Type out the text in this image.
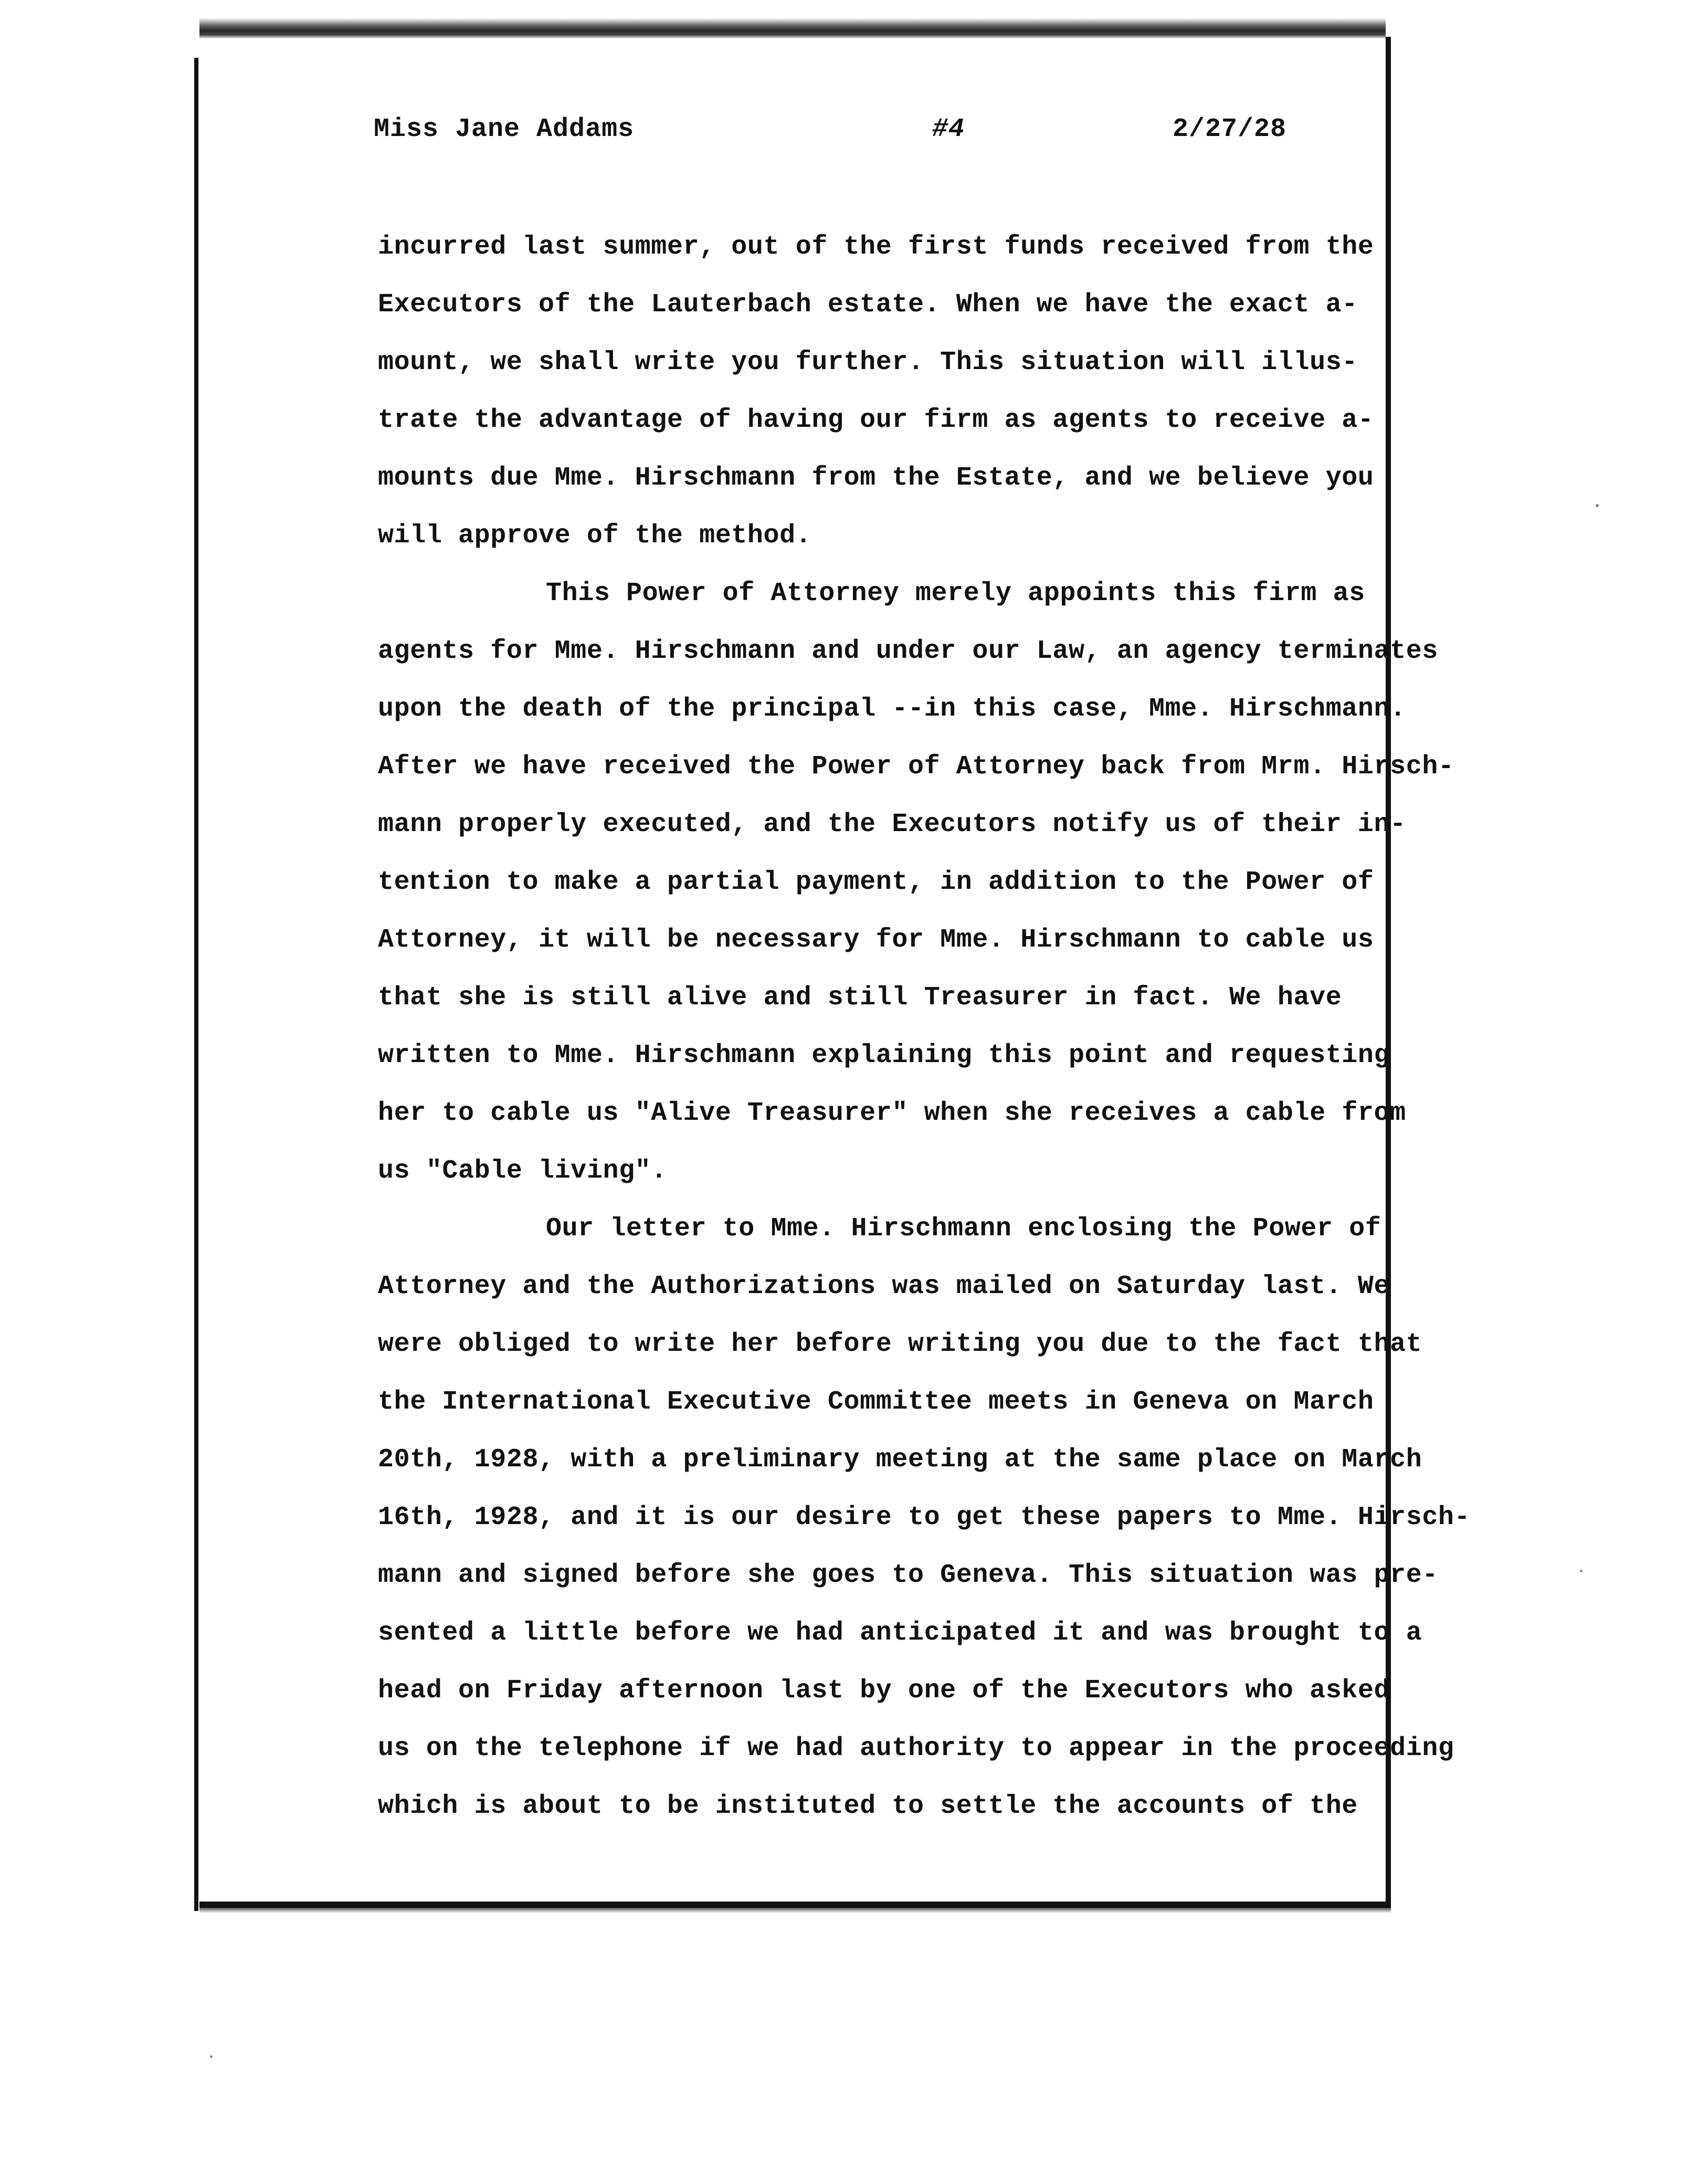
Miss Jane Addams	#4	2/27/28
incurred last summer, out of the first funds received from the
Executors of the Lauterbach estate. When we have the exact a-
mount, we shall write you further. This situation will illus-
trate the advantage of having our firm as agents to receive a-
mounts due Mme. Hirschmann from the Estate, and we believe you
will approve of the method.
This Power of Attorney merely appoints this firm as
agents for Mme. Hirschmann and under our Law, an agency terminates
upon the death of the principal --in this case, Mme. Hirschmann.
After we have received the Power of Attorney back from Mrm. Hirsch-
mann properly executed, and the Executors notify us of their in-
tention to make a partial payment, in addition to the Power of
Attorney, it will be necessary for Mme. Hirschmann to cable us
that she is still alive and still Treasurer in fact. We have
written to Mme. Hirschmann explaining this point and requesting
her to cable us "Alive Treasurer" when she receives a cable from
us "Cable living".
Our letter to Mme. Hirschmann enclosing the Power of
Attorney and the Authorizations was mailed on Saturday last. We
were obliged to write her before writing you due to the fact that
the International Executive Committee meets in Geneva on March
20th, 1928, with a preliminary meeting at the same place on March
16th, 1928, and it is our desire to get these papers to Mme. Hirsch-
mann and signed before she goes to Geneva. This situation was pre-
sented a little before we had anticipated it and was brought to a
head on Friday afternoon last by one of the Executors who asked
us on the telephone if we had authority to appear in the proceeding
which is about to be instituted to settle the accounts of the
